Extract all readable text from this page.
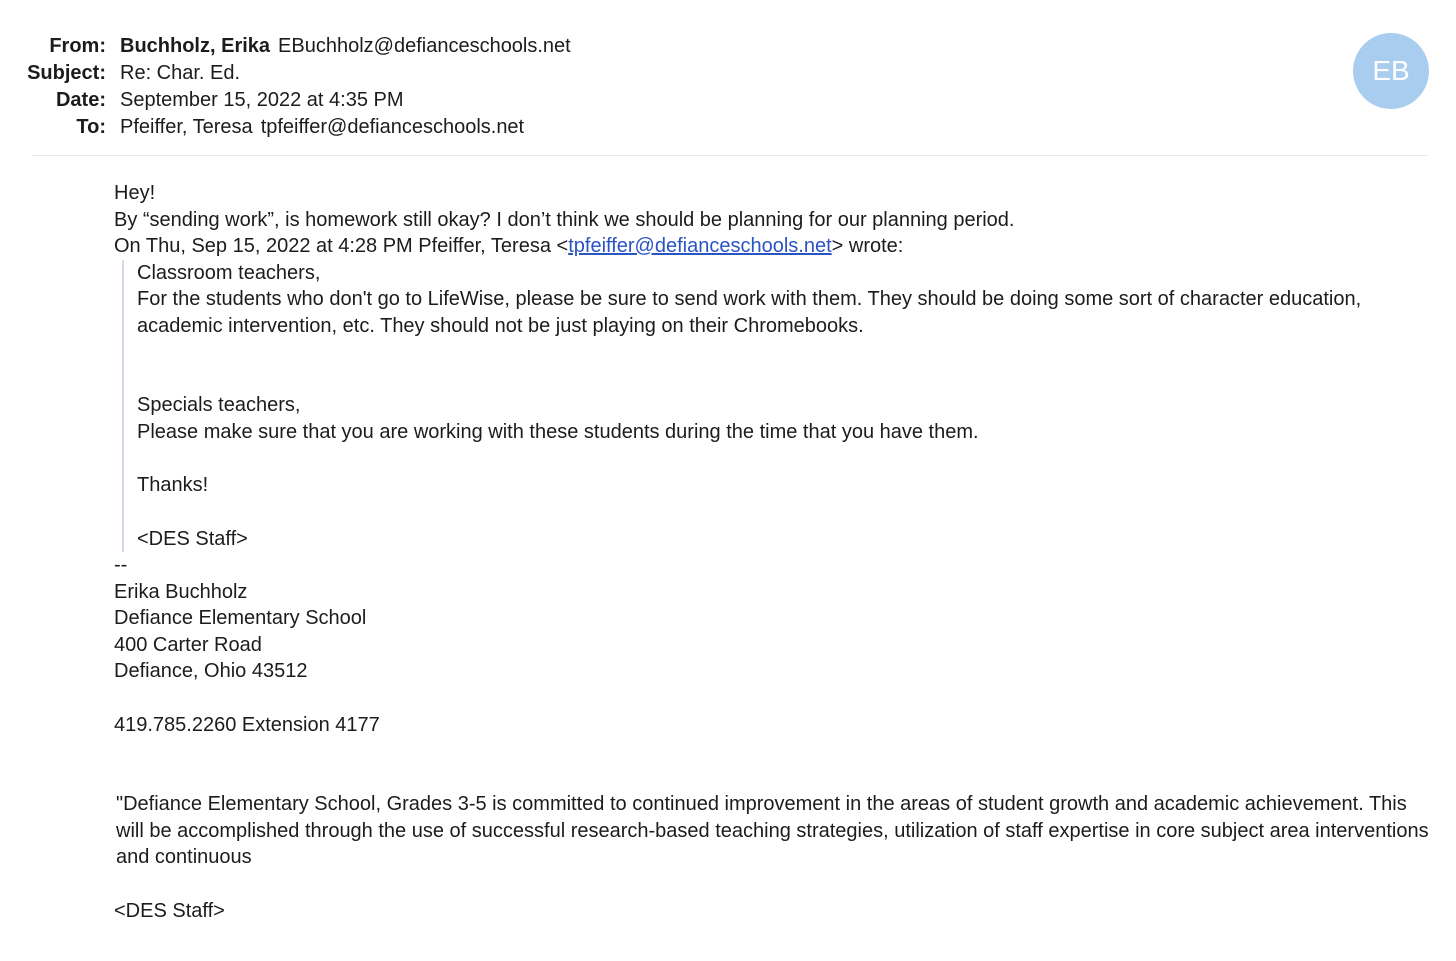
From: Buchholz, Erika EBuchholz@defianceschools.net
Subject: Re: Char. Ed.
Date: September 15, 2022 at 4:35 PM
To: Pfeiffer, Teresa tpfeiffer@defianceschools.net
EB
Hey!
By “sending work”, is homework still okay? I don’t think we should be planning for our planning period.
On Thu, Sep 15, 2022 at 4:28 PM Pfeiffer, Teresa <tpfeiffer@defianceschools.net> wrote:
Classroom teachers,
For the students who don't go to LifeWise, please be sure to send work with them. They should be doing some sort of character education, academic intervention, etc. They should not be just playing on their Chromebooks.
Specials teachers,
Please make sure that you are working with these students during the time that you have them.
Thanks!
<DES Staff>
--
Erika Buchholz
Defiance Elementary School
400 Carter Road
Defiance, Ohio 43512
419.785.2260 Extension 4177
"Defiance Elementary School, Grades 3-5 is committed to continued improvement in the areas of student growth and academic achievement. This will be accomplished through the use of successful research-based teaching strategies, utilization of staff expertise in core subject area interventions and continuous
<DES Staff>
